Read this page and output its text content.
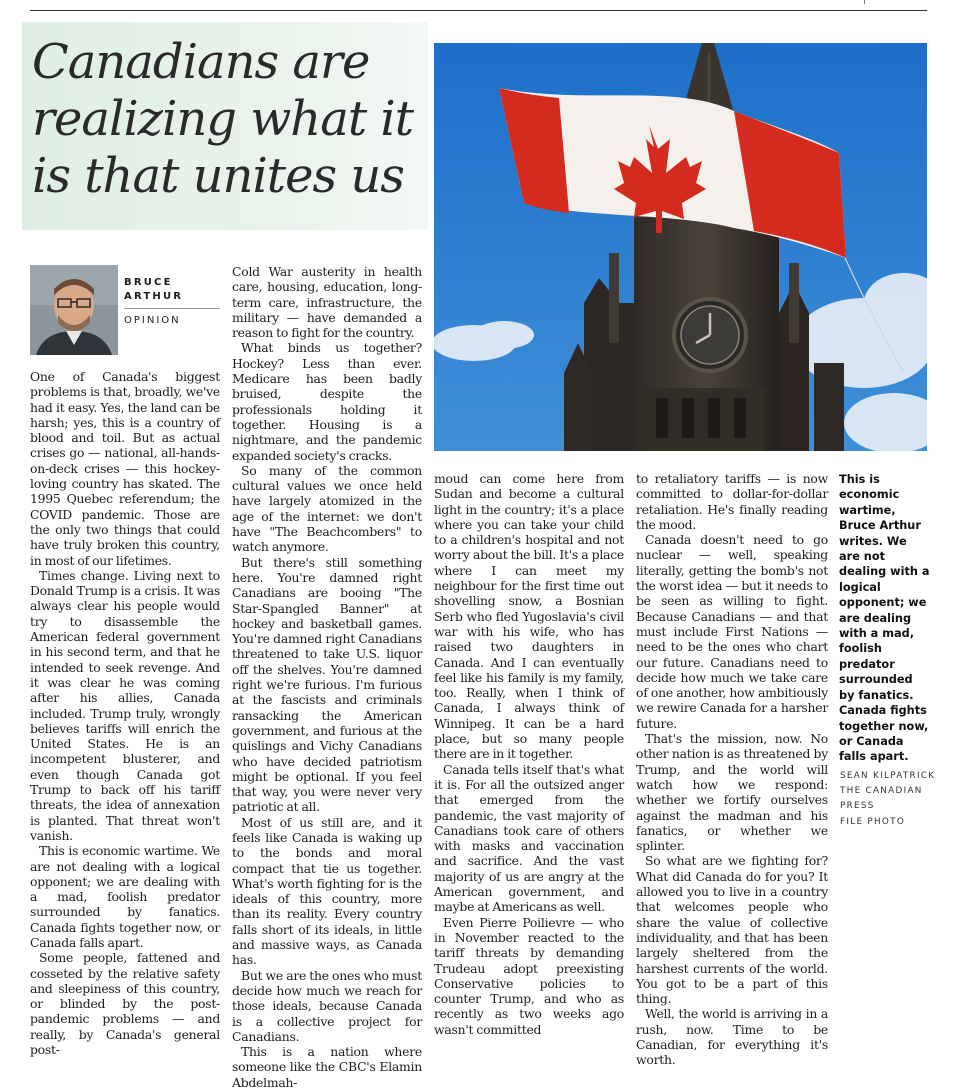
Canadians are realizing what it is that unites us
BRUCE
ARTHUR
OPINION

One of Canada's biggest problems is that, broadly, we've had it easy. Yes, the land can be harsh; yes, this is a country of blood and toil. But as actual crises go — national, all-hands-on-deck crises — this hockey-loving country has skated. The 1995 Quebec referendum; the COVID pandemic. Those are the only two things that could have truly broken this country, in most of our lifetimes.

Times change. Living next to Donald Trump is a crisis. It was always clear his people would try to disassemble the American federal government in his second term, and that he intended to seek revenge. And it was clear he was coming after his allies, Canada included. Trump truly, wrongly believes tariffs will enrich the United States. He is an incompetent blusterer, and even though Canada got Trump to back off his tariff threats, the idea of annexation is planted. That threat won't vanish.

This is economic wartime. We are not dealing with a logical opponent; we are dealing with a mad, foolish predator surrounded by fanatics. Canada fights together now, or Canada falls apart.

Some people, fattened and cosseted by the relative safety and sleepiness of this country, or blinded by the post-pandemic problems — and really, by Canada's general post-

Cold War austerity in health care, housing, education, long-term care, infrastructure, the military — have demanded a reason to fight for the country.

What binds us together? Hockey? Less than ever. Medicare has been badly bruised, despite the professionals holding it together. Housing is a nightmare, and the pandemic expanded society's cracks.

So many of the common cultural values we once held have largely atomized in the age of the internet: we don't have "The Beachcombers" to watch anymore.

But there's still something here. You're damned right Canadians are booing "The Star-Spangled Banner" at hockey and basketball games. You're damned right Canadians threatened to take U.S. liquor off the shelves. You're damned right we're furious. I'm furious at the fascists and criminals ransacking the American government, and furious at the quislings and Vichy Canadians who have decided patriotism might be optional. If you feel that way, you were never very patriotic at all.

Most of us still are, and it feels like Canada is waking up to the bonds and moral compact that tie us together. What's worth fighting for is the ideals of this country, more than its reality. Every country falls short of its ideals, in little and massive ways, as Canada has.

But we are the ones who must decide how much we reach for those ideals, because Canada is a collective project for Canadians.

This is a nation where someone like the CBC's Elamin Abdelmah-

moud can come here from Sudan and become a cultural light in the country; it's a place where you can take your child to a children's hospital and not worry about the bill. It's a place where I can meet my neighbour for the first time out shovelling snow, a Bosnian Serb who fled Yugoslavia's civil war with his wife, who has raised two daughters in Canada. And I can eventually feel like his family is my family, too. Really, when I think of Canada, I always think of Winnipeg. It can be a hard place, but so many people there are in it together.

Canada tells itself that's what it is. For all the outsized anger that emerged from the pandemic, the vast majority of Canadians took care of others with masks and vaccination and sacrifice. And the vast majority of us are angry at the American government, and maybe at Americans as well.

Even Pierre Poilievre — who in November reacted to the tariff threats by demanding Trudeau adopt preexisting Conservative policies to counter Trump, and who as recently as two weeks ago wasn't committed

to retaliatory tariffs — is now committed to dollar-for-dollar retaliation. He's finally reading the mood.

Canada doesn't need to go nuclear — well, speaking literally, getting the bomb's not the worst idea — but it needs to be seen as willing to fight. Because Canadians — and that must include First Nations — need to be the ones who chart our future. Canadians need to decide how much we take care of one another, how ambitiously we rewire Canada for a harsher future.

That's the mission, now. No other nation is as threatened by Trump, and the world will watch how we respond: whether we fortify ourselves against the madman and his fanatics, or whether we splinter.

So what are we fighting for? What did Canada do for you? It allowed you to live in a country that welcomes people who share the value of collective individuality, and that has been largely sheltered from the harshest currents of the world. You got to be a part of this thing.

Well, the world is arriving in a rush, now. Time to be Canadian, for everything it's worth.

This is economic wartime, Bruce Arthur writes. We are not dealing with a logical opponent; we are dealing with a mad, foolish predator surrounded by fanatics. Canada fights together now, or Canada falls apart.
SEAN KILPATRICK
THE CANADIAN
PRESS
FILE PHOTO
